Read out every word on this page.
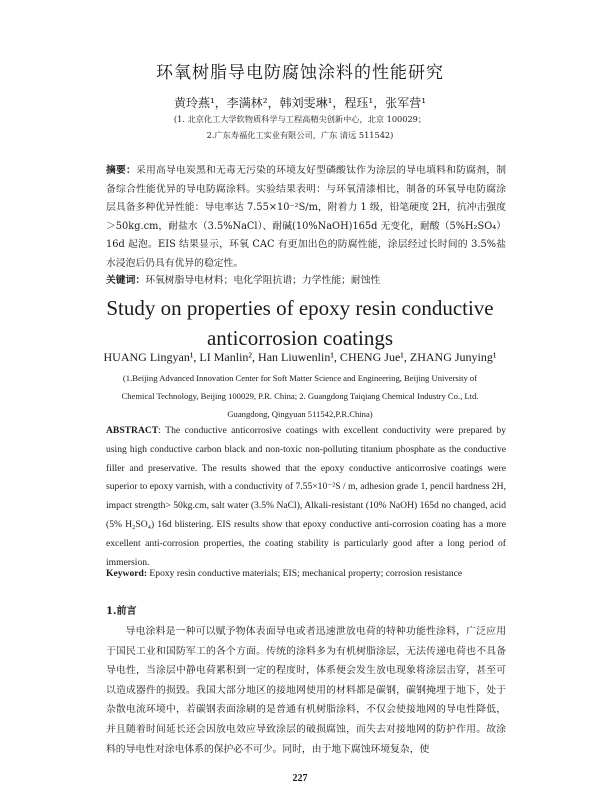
环氧树脂导电防腐蚀涂料的性能研究
黄玲燕¹，李满林²，韩刘雯琳¹，程珏¹，张军营¹
(1. 北京化工大学软物质科学与工程高精尖创新中心，北京 100029；
2.广东寿福化工实业有限公司，广东 清远 511542)
摘要：采用高导电炭黑和无毒无污染的环境友好型磷酸钛作为涂层的导电填料和防腐剂，制备综合性能优异的导电防腐涂料。实验结果表明：与环氧清漆相比，制备的环氧导电防腐涂层具备多种优异性能：导电率达 7.55×10⁻²S/m，附着力 1 级，铅笔硬度 2H，抗冲击强度＞50kg.cm，耐盐水（3.5%NaCl）、耐碱(10%NaOH)165d 无变化，耐酸（5%H₂SO₄）16d 起泡。EIS 结果显示，环氧 CAC 有更加出色的防腐性能，涂层经过长时间的 3.5%盐水浸泡后仍具有优异的稳定性。
关键词：环氧树脂导电材料；电化学阻抗谱；力学性能；耐蚀性
Study on properties of epoxy resin conductive
anticorrosion coatings
HUANG Lingyan¹, LI Manlin², Han Liuwenlin¹, CHENG Jue¹, ZHANG Junying¹
(1.Beijing Advanced Innovation Center for Soft Matter Science and Engineering, Beijing University of
Chemical Technology, Beijing 100029, P.R. China; 2. Guangdong Taiqiang Chemical Industry Co., Ltd.
Guangdong, Qingyuan 511542,P.R.China)
ABSTRACT: The conductive anticorrosive coatings with excellent conductivity were prepared by using high conductive carbon black and non-toxic non-polluting titanium phosphate as the conductive filler and preservative. The results showed that the epoxy conductive anticorrosive coatings were superior to epoxy varnish, with a conductivity of 7.55×10⁻²S / m, adhesion grade 1, pencil hardness 2H, impact strength> 50kg.cm, salt water (3.5% NaCl), Alkali-resistant (10% NaOH) 165d no changed, acid (5% H₂SO₄) 16d blistering. EIS results show that epoxy conductive anti-corrosion coating has a more excellent anti-corrosion properties, the coating stability is particularly good after a long period of immersion.
Keyword: Epoxy resin conductive materials; EIS; mechanical property; corrosion resistance
1.前言
导电涂料是一种可以赋予物体表面导电或者迅速泄放电荷的特种功能性涂料，广泛应用于国民工业和国防军工的各个方面。传统的涂料多为有机树脂涂层，无法传递电荷也不具备导电性，当涂层中静电荷累积到一定的程度时，体系便会发生放电现象将涂层击穿，甚至可以造成器件的损毁。我国大部分地区的接地网使用的材料都是碳钢，碳钢掩埋于地下，处于杂散电流环境中，若碳钢表面涂刷的是普通有机树脂涂料，不仅会使接地网的导电性降低，并且随着时间延长还会因放电效应导致涂层的破损腐蚀，而失去对接地网的防护作用。故涂料的导电性对涂电体系的保护必不可少。同时，由于地下腐蚀环境复杂，使
227
